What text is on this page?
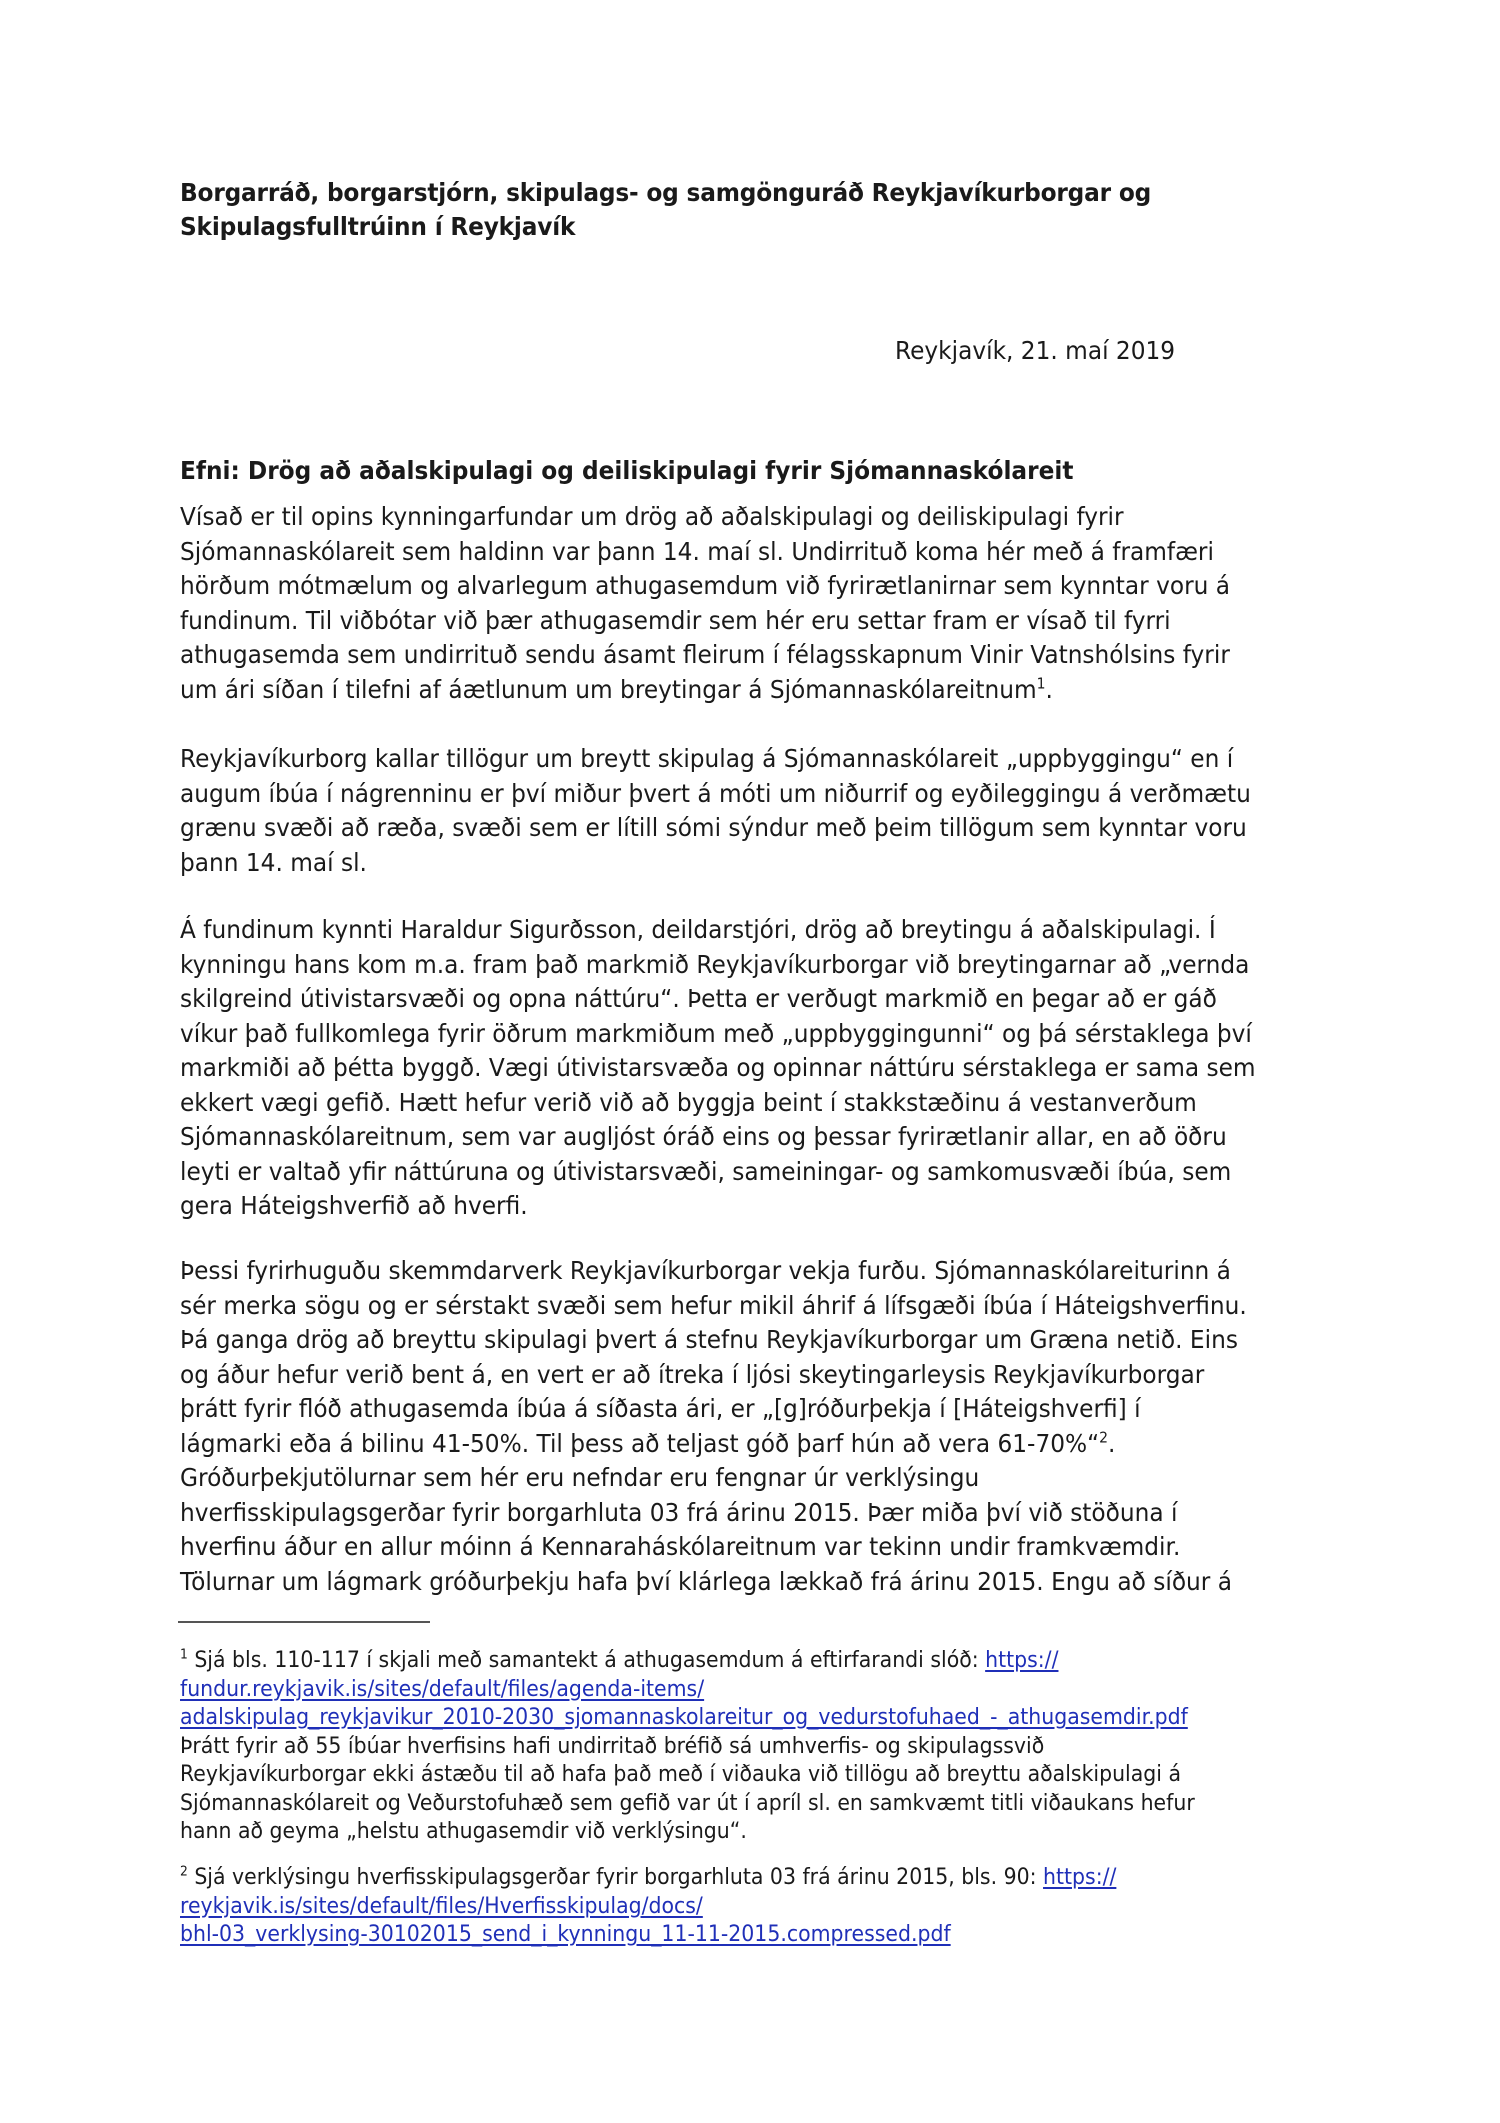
Borgarráð, borgarstjórn, skipulags- og samgönguráð Reykjavíkurborgar og
Skipulagsfulltrúinn í Reykjavík
Reykjavík, 21. maí 2019
Efni: Drög að aðalskipulagi og deiliskipulagi fyrir Sjómannaskólareit
Vísað er til opins kynningarfundar um drög að aðalskipulagi og deiliskipulagi fyrir
Sjómannaskólareit sem haldinn var þann 14. maí sl. Undirrituð koma hér með á framfæri
hörðum mótmælum og alvarlegum athugasemdum við fyrirætlanirnar sem kynntar voru á
fundinum. Til viðbótar við þær athugasemdir sem hér eru settar fram er vísað til fyrri
athugasemda sem undirrituð sendu ásamt fleirum í félagsskapnum Vinir Vatnshólsins fyrir
um ári síðan í tilefni af áætlunum um breytingar á Sjómannaskólareitnum$^1$.
Reykjavíkurborg kallar tillögur um breytt skipulag á Sjómannaskólareit „uppbyggingu“ en í
augum íbúa í nágrenninu er því miður þvert á móti um niðurrif og eyðileggingu á verðmætu
grænu svæði að ræða, svæði sem er lítill sómi sýndur með þeim tillögum sem kynntar voru
þann 14. maí sl.
Á fundinum kynnti Haraldur Sigurðsson, deildarstjóri, drög að breytingu á aðalskipulagi. Í
kynningu hans kom m.a. fram það markmið Reykjavíkurborgar við breytingarnar að „vernda
skilgreind útivistarsvæði og opna náttúru“. Þetta er verðugt markmið en þegar að er gáð
víkur það fullkomlega fyrir öðrum markmiðum með „uppbyggingunni“ og þá sérstaklega því
markmiði að þétta byggð. Vægi útivistarsvæða og opinnar náttúru sérstaklega er sama sem
ekkert vægi gefið. Hætt hefur verið við að byggja beint í stakkstæðinu á vestanverðum
Sjómannaskólareitnum, sem var augljóst óráð eins og þessar fyrirætlanir allar, en að öðru
leyti er valtað yfir náttúruna og útivistarsvæði, sameiningar- og samkomusvæði íbúa, sem
gera Háteigshverfið að hverfi.
Þessi fyrirhuguðu skemmdarverk Reykjavíkurborgar vekja furðu. Sjómannaskólareiturinn á
sér merka sögu og er sérstakt svæði sem hefur mikil áhrif á lífsgæði íbúa í Háteigshverfinu.
Þá ganga drög að breyttu skipulagi þvert á stefnu Reykjavíkurborgar um Græna netið. Eins
og áður hefur verið bent á, en vert er að ítreka í ljósi skeytingarleysis Reykjavíkurborgar
þrátt fyrir flóð athugasemda íbúa á síðasta ári, er „[g]róðurþekja í [Háteigshverfi] í
lágmarki eða á bilinu 41-50%. Til þess að teljast góð þarf hún að vera 61-70%“$^2$.
Gróðurþekjutölurnar sem hér eru nefndar eru fengnar úr verklýsingu
hverfisskipulagsgerðar fyrir borgarhluta 03 frá árinu 2015. Þær miða því við stöðuna í
hverfinu áður en allur móinn á Kennaraháskólareitnum var tekinn undir framkvæmdir.
Tölurnar um lágmark gróðurþekju hafa því klárlega lækkað frá árinu 2015. Engu að síður á
$^1$ Sjá bls. 110-117 í skjali með samantekt á athugasemdum á eftirfarandi slóð: https://
fundur.reykjavik.is/sites/default/files/agenda-items/
adalskipulag_reykjavikur_2010-2030_sjomannaskolareitur_og_vedurstofuhaed_-_athugasemdir.pdf
Þrátt fyrir að 55 íbúar hverfisins hafi undirritað bréfið sá umhverfis- og skipulagssvið
Reykjavíkurborgar ekki ástæðu til að hafa það með í viðauka við tillögu að breyttu aðalskipulagi á
Sjómannaskólareit og Veðurstofuhæð sem gefið var út í apríl sl. en samkvæmt titli viðaukans hefur
hann að geyma „helstu athugasemdir við verklýsingu“.
$^2$ Sjá verklýsingu hverfisskipulagsgerðar fyrir borgarhluta 03 frá árinu 2015, bls. 90: https://
reykjavik.is/sites/default/files/Hverfisskipulag/docs/
bhl-03_verklysing-30102015_send_i_kynningu_11-11-2015.compressed.pdf
